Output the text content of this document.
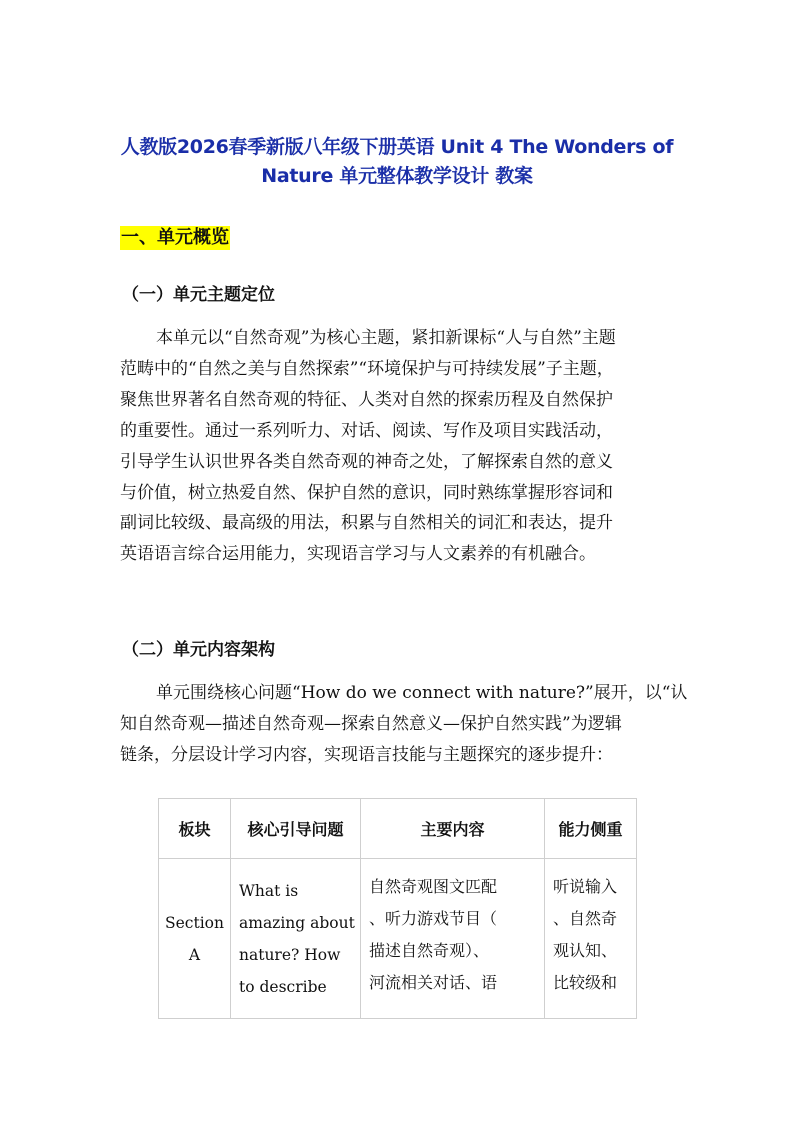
人教版2026春季新版八年级下册英语 Unit 4 The Wonders of
Nature 单元整体教学设计 教案
一、单元概览
（一）单元主题定位
本单元以“自然奇观”为核心主题，紧扣新课标“人与自然”主题
范畴中的“自然之美与自然探索”“环境保护与可持续发展”子主题，
聚焦世界著名自然奇观的特征、人类对自然的探索历程及自然保护
的重要性。通过一系列听力、对话、阅读、写作及项目实践活动，
引导学生认识世界各类自然奇观的神奇之处，了解探索自然的意义
与价值，树立热爱自然、保护自然的意识，同时熟练掌握形容词和
副词比较级、最高级的用法，积累与自然相关的词汇和表达，提升
英语语言综合运用能力，实现语言学习与人文素养的有机融合。
（二）单元内容架构
单元围绕核心问题“How do we connect with nature?”展开，以“认
知自然奇观—描述自然奇观—探索自然意义—保护自然实践”为逻辑
链条，分层设计学习内容，实现语言技能与主题探究的逐步提升：
板块	核心引导问题	主要内容	能力侧重

Section
A	What is
amazing about
nature? How
to describe	自然奇观图文匹配
、听力游戏节目（
描述自然奇观）、
河流相关对话、语	听说输入
、自然奇
观认知、
比较级和
